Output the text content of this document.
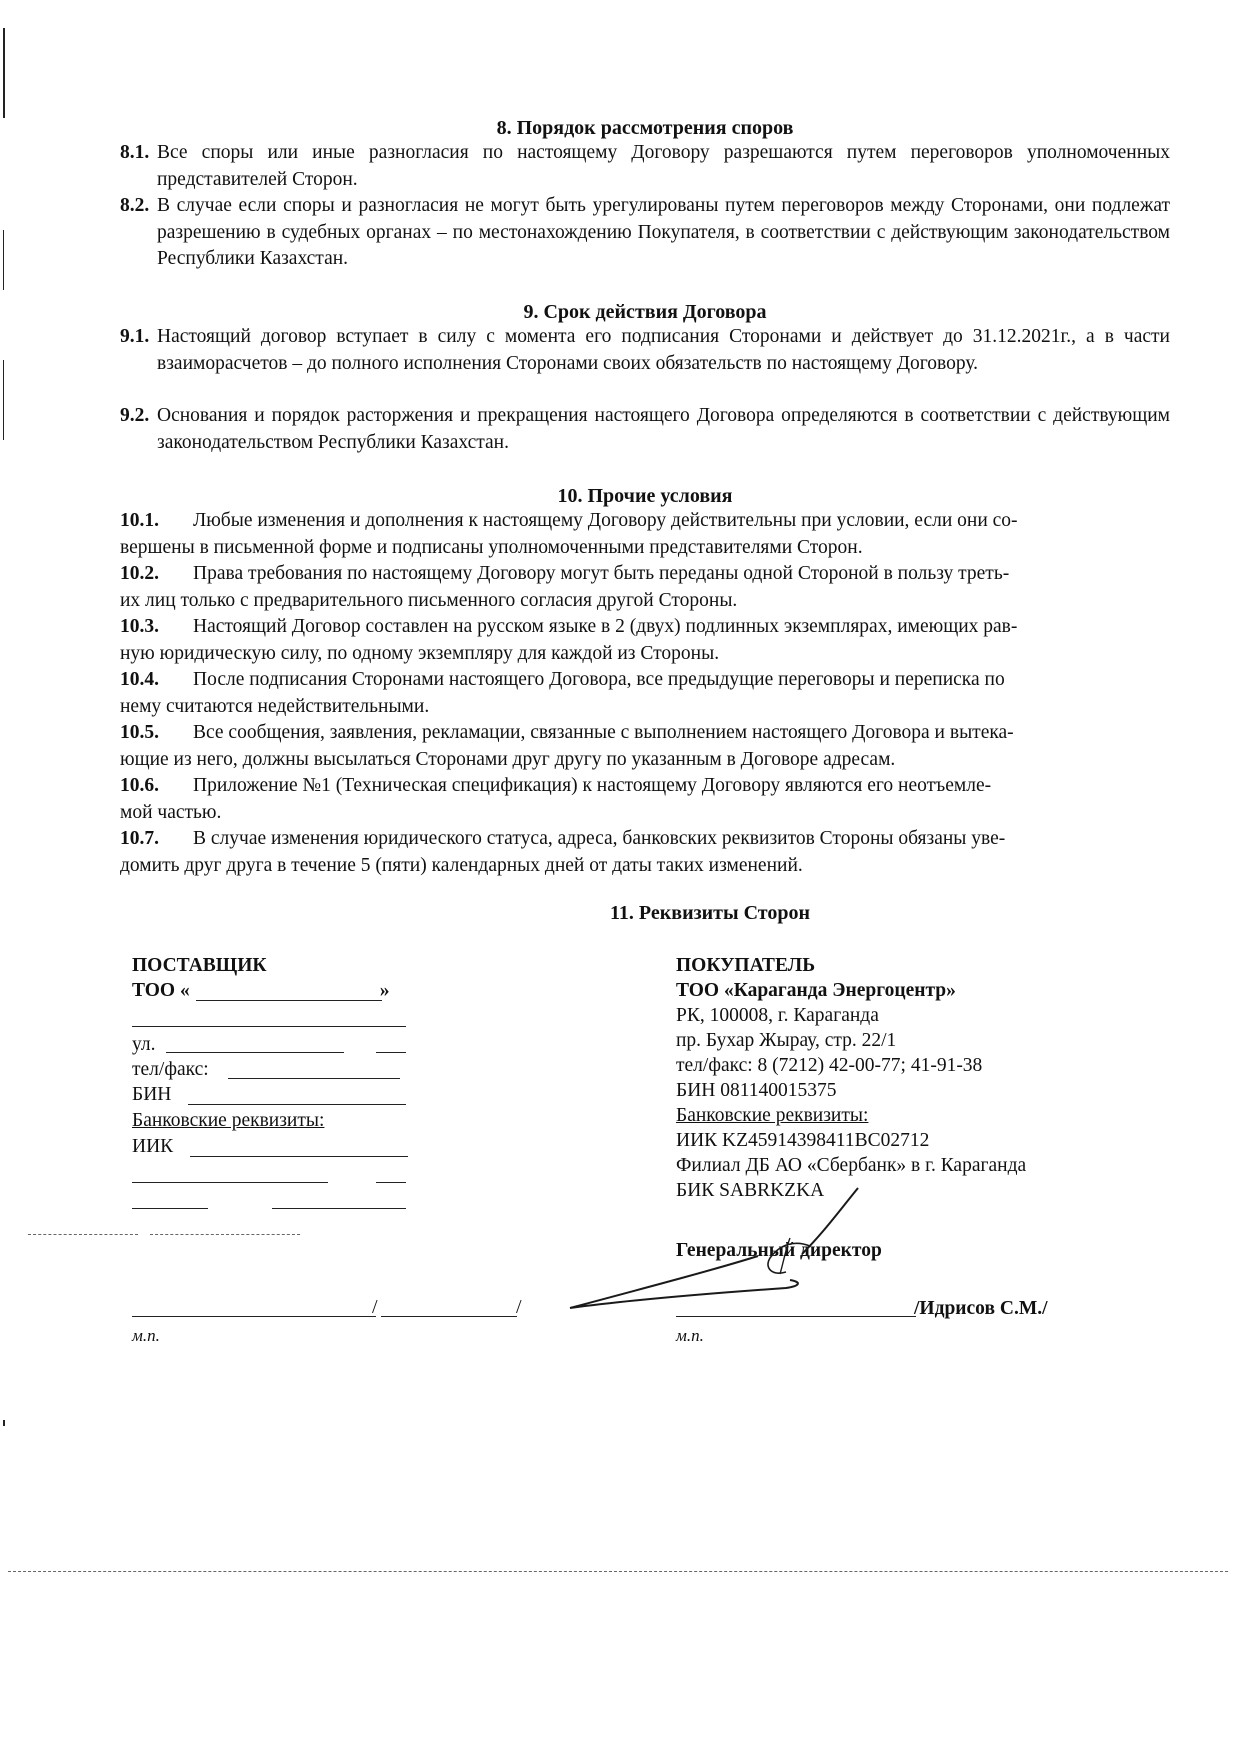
8. Порядок рассмотрения споров
8.1. Все споры или иные разногласия по настоящему Договору разрешаются путем переговоров уполномоченных представителей Сторон.
8.2. В случае если споры и разногласия не могут быть урегулированы путем переговоров между Сторонами, они подлежат разрешению в судебных органах – по местонахождению Покупателя, в соответствии с действующим законодательством Республики Казахстан.
9. Срок действия Договора
9.1. Настоящий договор вступает в силу с момента его подписания Сторонами и действует до 31.12.2021г., а в части взаиморасчетов – до полного исполнения Сторонами своих обязательств по настоящему Договору.
9.2. Основания и порядок расторжения и прекращения настоящего Договора определяются в соответствии с действующим законодательством Республики Казахстан.
10. Прочие условия
10.1. Любые изменения и дополнения к настоящему Договору действительны при условии, если они со-
вершены в письменной форме и подписаны уполномоченными представителями Сторон.
10.2. Права требования по настоящему Договору могут быть переданы одной Стороной в пользу треть-
их лиц только с предварительного письменного согласия другой Стороны.
10.3. Настоящий Договор составлен на русском языке в 2 (двух) подлинных экземплярах, имеющих рав-
ную юридическую силу, по одному экземпляру для каждой из Стороны.
10.4. После подписания Сторонами настоящего Договора, все предыдущие переговоры и переписка по
нему считаются недействительными.
10.5. Все сообщения, заявления, рекламации, связанные с выполнением настоящего Договора и вытека-
ющие из него, должны высылаться Сторонами друг другу по указанным в Договоре адресам.
10.6. Приложение №1 (Техническая спецификация) к настоящему Договору являются его неотъемле-
мой частью.
10.7. В случае изменения юридического статуса, адреса, банковских реквизитов Стороны обязаны уве-
домить друг друга в течение 5 (пяти) календарных дней от даты таких изменений.
11. Реквизиты Сторон
ПОСТАВЩИК
ТОО «	»
ул.
тел/факс:
БИН
Банковские реквизиты:
ИИК
/	/
м.п.
ПОКУПАТЕЛЬ
ТОО «Караганда Энергоцентр»
РК, 100008, г. Караганда
пр. Бухар Жырау, стр. 22/1
тел/факс: 8 (7212) 42-00-77; 41-91-38
БИН 081140015375
Банковские реквизиты:
ИИК KZ45914398411BC02712
Филиал ДБ АО «Сбербанк» в г. Караганда
БИК SABRKZKA
Генеральный директор
/Идрисов С.М./
м.п.
